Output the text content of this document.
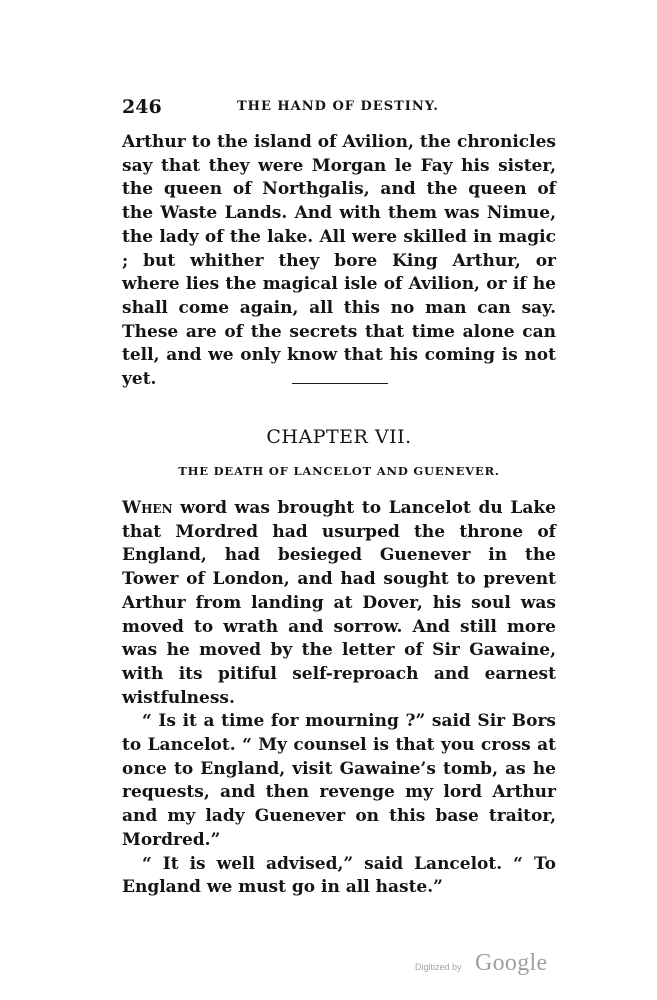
246	THE HAND OF DESTINY.

Arthur to the island of Avilion, the chronicles say that they were Morgan le Fay his sister, the queen of Northgalis, and the queen of the Waste Lands. And with them was Nimue, the lady of the lake. All were skilled in magic ; but whither they bore King Arthur, or where lies the magical isle of Avilion, or if he shall come again, all this no man can say. These are of the secrets that time alone can tell, and we only know that his coming is not yet.

CHAPTER VII.
THE DEATH OF LANCELOT AND GUENEVER.

When word was brought to Lancelot du Lake that Mordred had usurped the throne of England, had besieged Guenever in the Tower of London, and had sought to prevent Arthur from landing at Dover, his soul was moved to wrath and sorrow. And still more was he moved by the letter of Sir Gawaine, with its pitiful self-reproach and earnest wistfulness.

“ Is it a time for mourning ?” said Sir Bors to Lancelot. “ My counsel is that you cross at once to England, visit Gawaine’s tomb, as he requests, and then revenge my lord Arthur and my lady Guenever on this base traitor, Mordred.”

“ It is well advised,” said Lancelot. “ To England we must go in all haste.”

Digitized by Google
